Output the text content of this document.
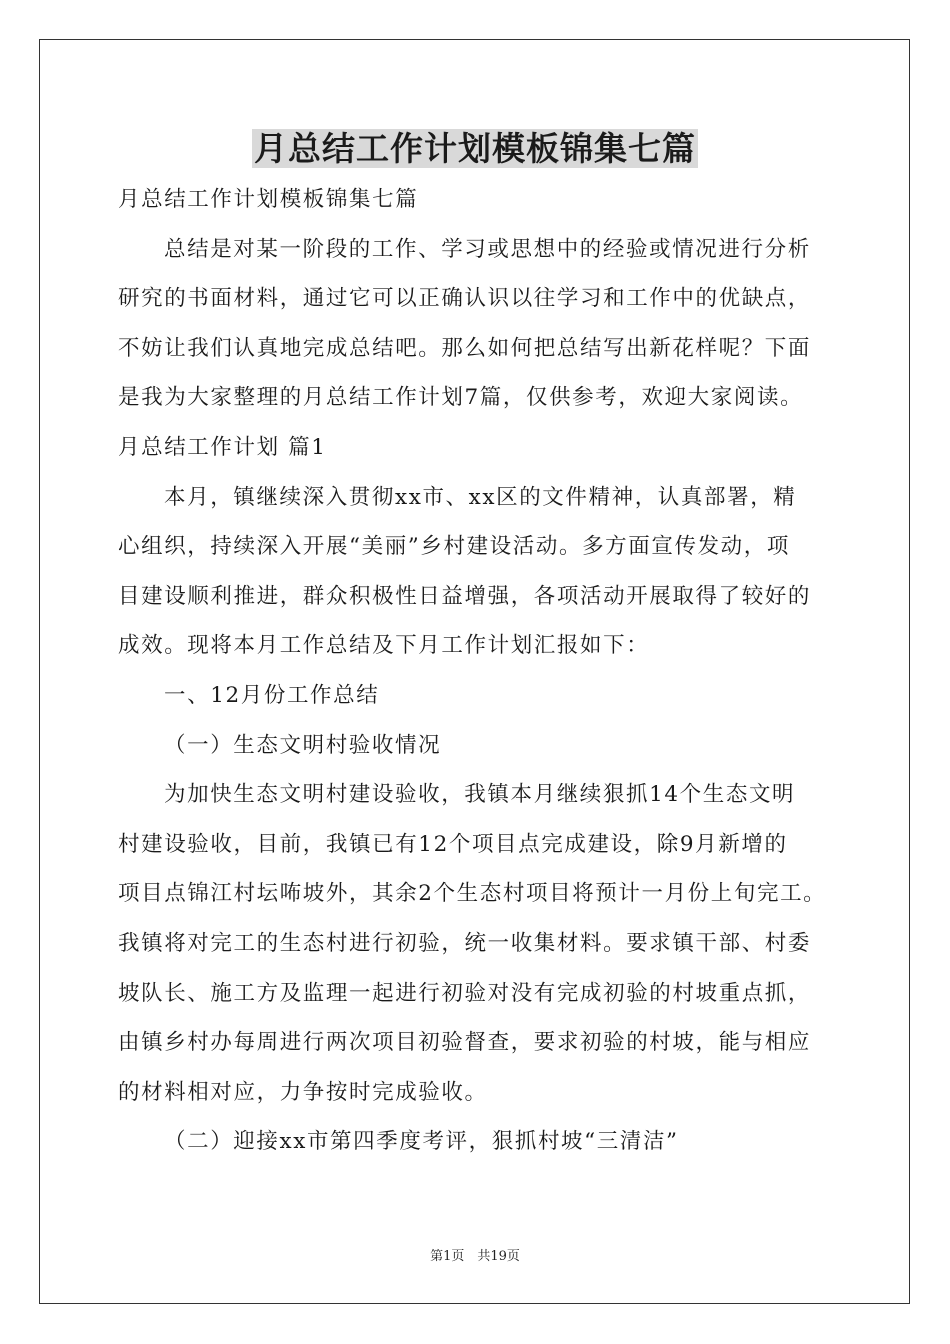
月总结工作计划模板锦集七篇
月总结工作计划模板锦集七篇
总结是对某一阶段的工作、学习或思想中的经验或情况进行分析
研究的书面材料，通过它可以正确认识以往学习和工作中的优缺点，
不妨让我们认真地完成总结吧。那么如何把总结写出新花样呢？下面
是我为大家整理的月总结工作计划7篇，仅供参考，欢迎大家阅读。
月总结工作计划 篇1
本月，镇继续深入贯彻xx市、xx区的文件精神，认真部署，精
心组织，持续深入开展“美丽”乡村建设活动。多方面宣传发动，项
目建设顺利推进，群众积极性日益增强，各项活动开展取得了较好的
成效。现将本月工作总结及下月工作计划汇报如下：
一、12月份工作总结
（一）生态文明村验收情况
为加快生态文明村建设验收，我镇本月继续狠抓14个生态文明
村建设验收，目前，我镇已有12个项目点完成建设，除9月新增的
项目点锦江村坛咘坡外，其余2个生态村项目将预计一月份上旬完工。
我镇将对完工的生态村进行初验，统一收集材料。要求镇干部、村委
坡队长、施工方及监理一起进行初验对没有完成初验的村坡重点抓，
由镇乡村办每周进行两次项目初验督查，要求初验的村坡，能与相应
的材料相对应，力争按时完成验收。
（二）迎接xx市第四季度考评，狠抓村坡“三清洁”
第1页　共19页
